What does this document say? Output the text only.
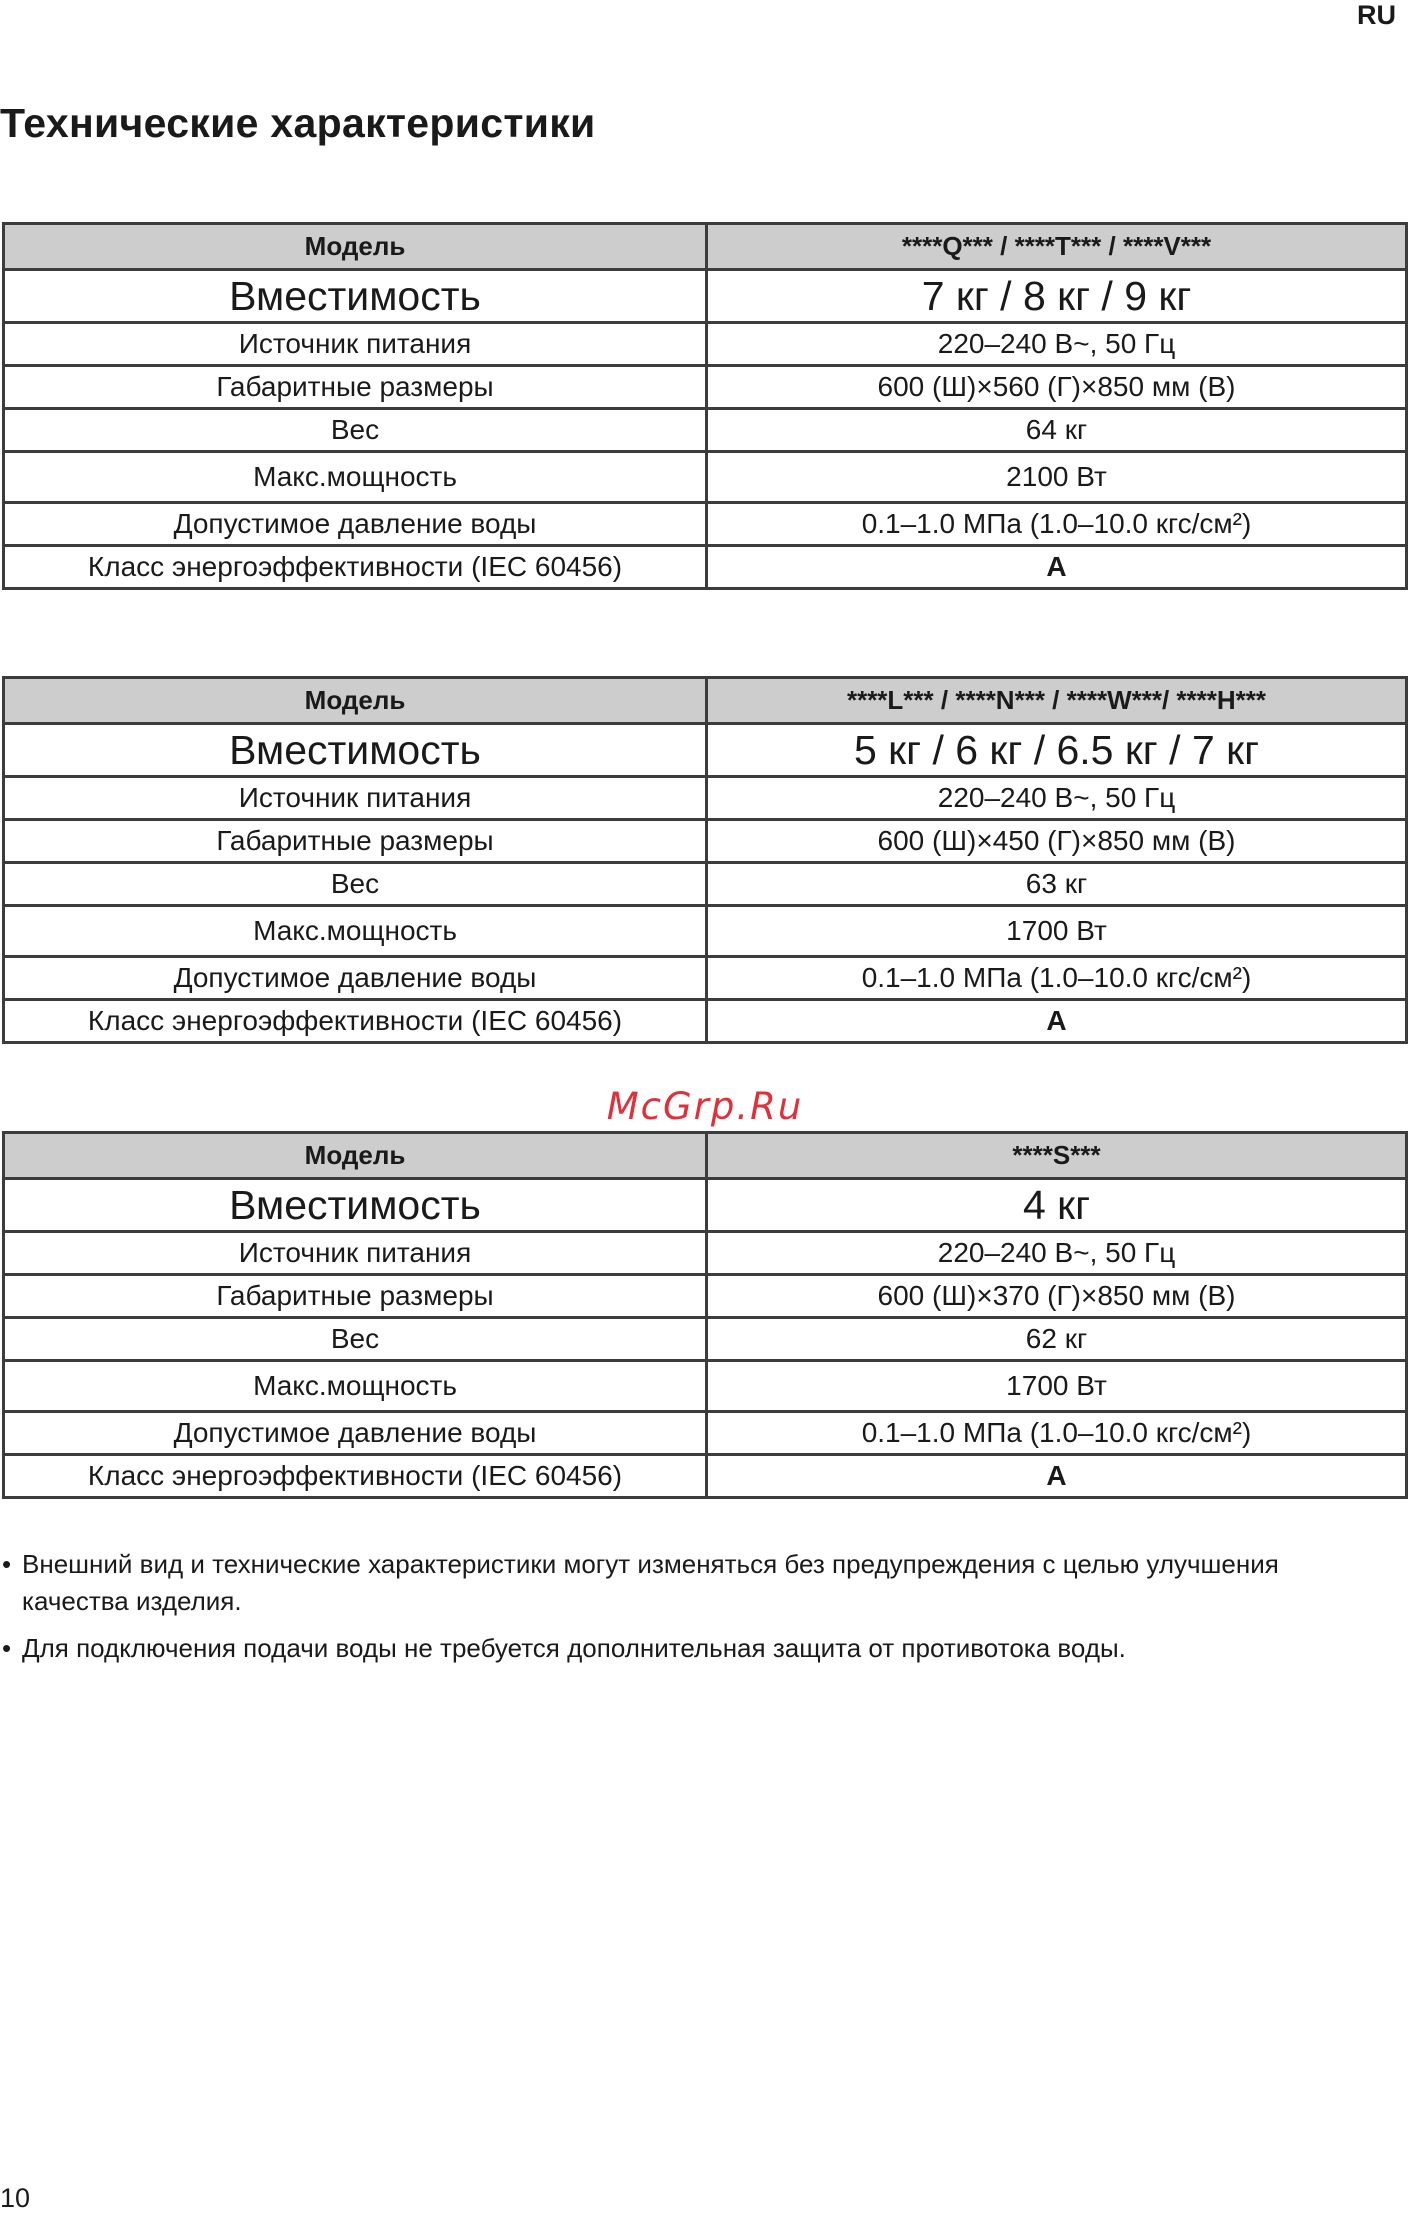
RU
Технические характеристики
Модель	****Q*** / ****T*** / ****V***
Вместимость	7 кг / 8 кг / 9 кг
Источник питания	220–240 В~, 50 Гц
Габаритные размеры	600 (Ш)×560 (Г)×850 мм (В)
Вес	64 кг
Макс.мощность	2100 Вт
Допустимое давление воды	0.1–1.0 МПа (1.0–10.0 кгс/см²)
Класс энергоэффективности (IEC 60456)	A
Модель	****L*** / ****N*** / ****W***/ ****H***
Вместимость	5 кг / 6 кг / 6.5 кг / 7 кг
Источник питания	220–240 В~, 50 Гц
Габаритные размеры	600 (Ш)×450 (Г)×850 мм (В)
Вес	63 кг
Макс.мощность	1700 Вт
Допустимое давление воды	0.1–1.0 МПа (1.0–10.0 кгс/см²)
Класс энергоэффективности (IEC 60456)	A
McGrp.Ru
Модель	****S***
Вместимость	4 кг
Источник питания	220–240 В~, 50 Гц
Габаритные размеры	600 (Ш)×370 (Г)×850 мм (В)
Вес	62 кг
Макс.мощность	1700 Вт
Допустимое давление воды	0.1–1.0 МПа (1.0–10.0 кгс/см²)
Класс энергоэффективности (IEC 60456)	A
• Внешний вид и технические характеристики могут изменяться без предупреждения с целью улучшения качества изделия.
• Для подключения подачи воды не требуется дополнительная защита от противотока воды.
10
